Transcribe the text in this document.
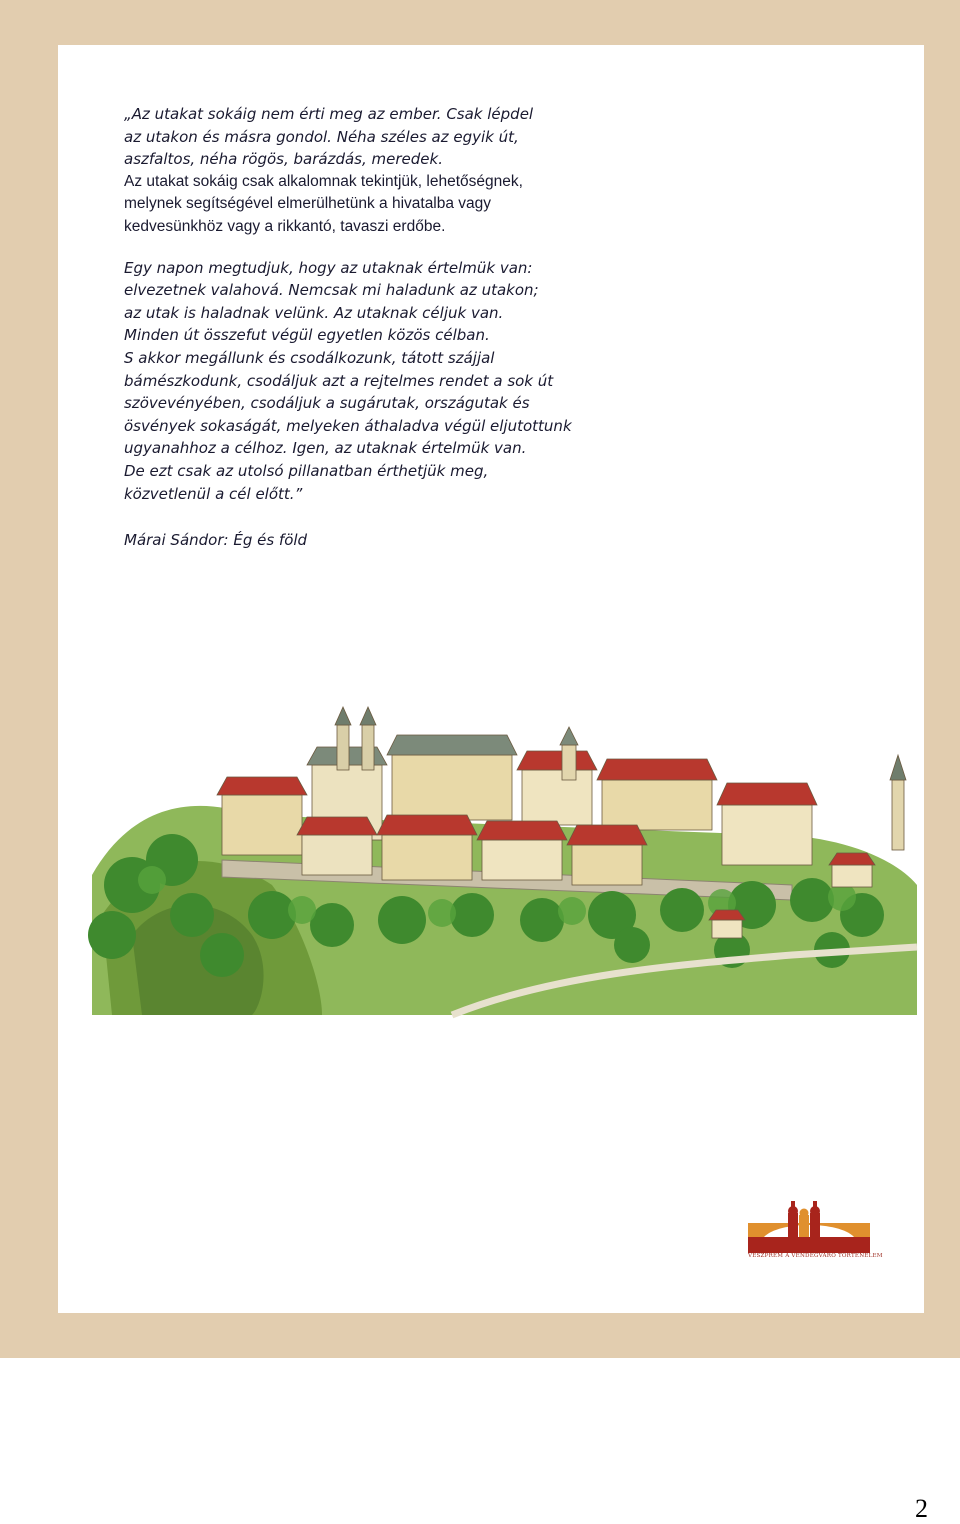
„Az utakat sokáig nem érti meg az ember. Csak lépdel
az utakon és másra gondol. Néha széles az egyik út,
aszfaltos, néha rögös, barázdás, meredek.

Az utakat sokáig csak alkalomnak tekintjük, lehetőségnek,
melynek segítségével elmerülhetünk a hivatalba vagy
kedvesünkhöz vagy a rikkantó, tavaszi erdőbe.

Egy napon megtudjuk, hogy az utaknak értelmük van:
elvezetnek valahová. Nemcsak mi haladunk az utakon;
az utak is haladnak velünk. Az utaknak céljuk van.
Minden út összefut végül egyetlen közös célban.
S akkor megállunk és csodálkozunk, tátott szájjal
bámészkodunk, csodáljuk azt a rejtelmes rendet a sok út
szövevényében, csodáljuk a sugárutak, országutak és
ösvények sokaságát, melyeken áthaladva végül eljutottunk
ugyanahhoz a célhoz. Igen, az utaknak értelmük van.
De ezt csak az utolsó pillanatban érthetjük meg,
közvetlenül a cél előtt.”

Márai Sándor: Ég és föld
VESZPRÉM A VENDÉGVÁRÓ TÖRTÉNELEM
2
